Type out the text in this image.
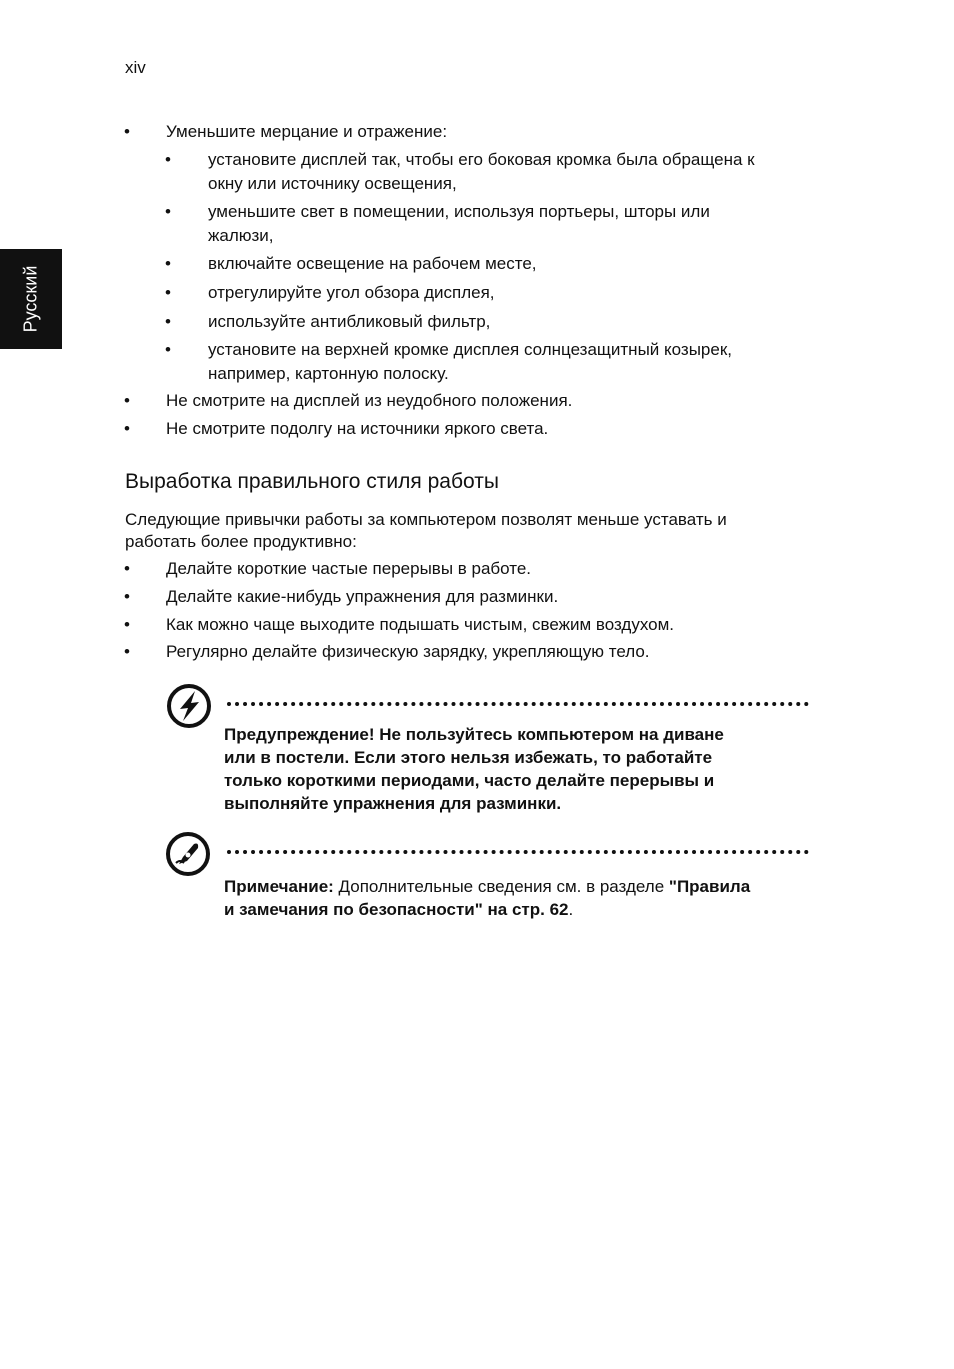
xiv
Русский
• Уменьшите мерцание и отражение:
• установите дисплей так, чтобы его боковая кромка была обращена к
окну или источнику освещения,
• уменьшите свет в помещении, используя портьеры, шторы или
жалюзи,
• включайте освещение на рабочем месте,
• отрегулируйте угол обзора дисплея,
• используйте антибликовый фильтр,
• установите на верхней кромке дисплея солнцезащитный козырек,
например, картонную полоску.
• Не смотрите на дисплей из неудобного положения.
• Не смотрите подолгу на источники яркого света.
Выработка правильного стиля работы
Следующие привычки работы за компьютером позволят меньше уставать и
работать более продуктивно:
• Делайте короткие частые перерывы в работе.
• Делайте какие-нибудь упражнения для разминки.
• Как можно чаще выходите подышать чистым, свежим воздухом.
• Регулярно делайте физическую зарядку, укрепляющую тело.
Предупреждение! Не пользуйтесь компьютером на диване
или в постели. Если этого нельзя избежать, то работайте
только короткими периодами, часто делайте перерывы и
выполняйте упражнения для разминки.
Примечание: Дополнительные сведения см. в разделе "Правила
и замечания по безопасности" на стр. 62.
